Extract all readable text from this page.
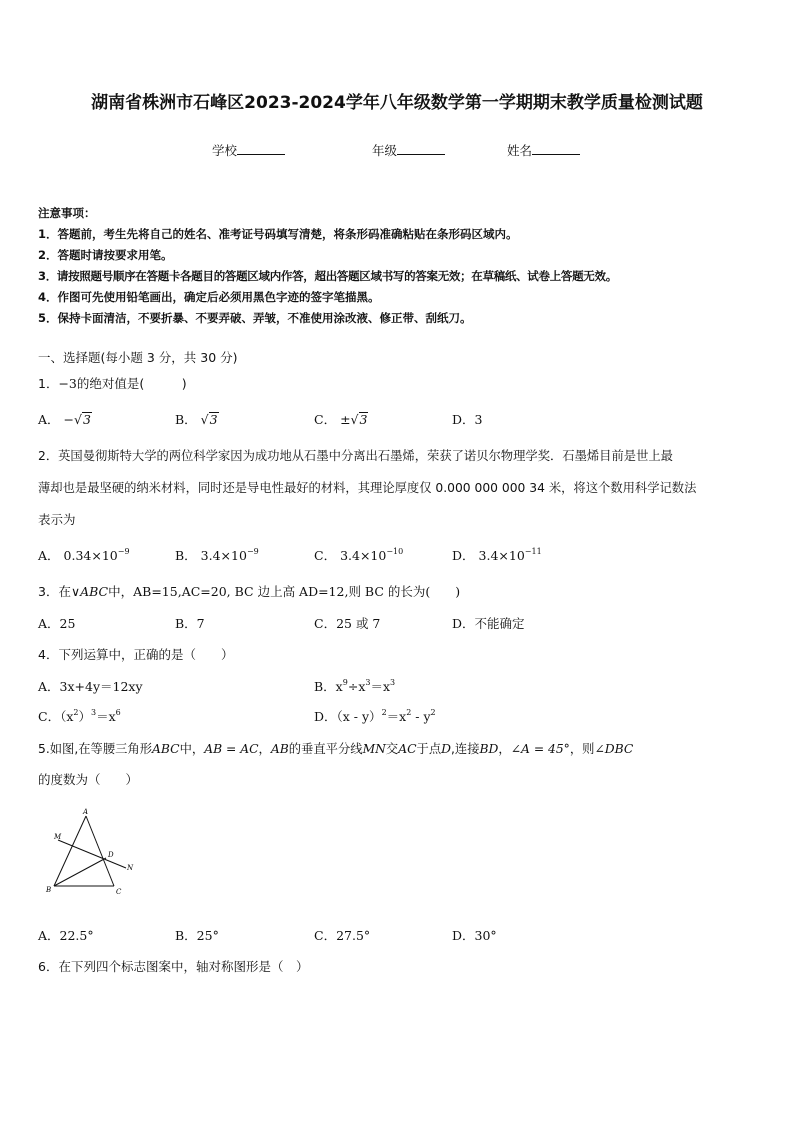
湖南省株洲市石峰区2023-2024学年八年级数学第一学期期末教学质量检测试题
学校	年级	姓名
注意事项：
1．答题前，考生先将自己的姓名、准考证号码填写清楚，将条形码准确粘贴在条形码区域内。
2．答题时请按要求用笔。
3．请按照题号顺序在答题卡各题目的答题区域内作答，超出答题区域书写的答案无效；在草稿纸、试卷上答题无效。
4．作图可先使用铅笔画出，确定后必须用黑色字迹的签字笔描黑。
5．保持卡面清洁，不要折暴、不要弄破、弄皱，不准使用涂改液、修正带、刮纸刀。
一、选择题(每小题 3 分，共 30 分)
1．−3的绝对值是(　　　)
A． −√3	B． √3	C． ±√3	D．3
2．英国曼彻斯特大学的两位科学家因为成功地从石墨中分离出石墨烯，荣获了诺贝尔物理学奖．石墨烯目前是世上最
薄却也是最坚硬的纳米材料，同时还是导电性最好的材料，其理论厚度仅 0.000 000 000 34 米，将这个数用科学记数法
表示为
A． $0.34\times 10^{-9}$	B． $3.4\times 10^{-9}$	C． $3.4\times 10^{-10}$	D． $3.4\times 10^{-11}$
3．在∨ABC中，AB=15,AC=20, BC 边上高 AD=12,则 BC 的长为(　　)
A．25	B．7	C．25 或 7	D．不能确定
4．下列运算中，正确的是（　　）
A．3x+4y＝12xy	B．$x^9\div x^3=x^3$
C．$(x^2)^3=x^6$	D．$(x - y)^2=x^2 - y^2$
5.如图,在等腰三角形ABC中，AB = AC，AB的垂直平分线MN交AC于点D,连接BD，∠A = 45°，则∠DBC
的度数为（　　）
A
M
D
N
B	C
A．22.5°	B．25°	C．27.5°	D．30°
6．在下列四个标志图案中，轴对称图形是（　）
